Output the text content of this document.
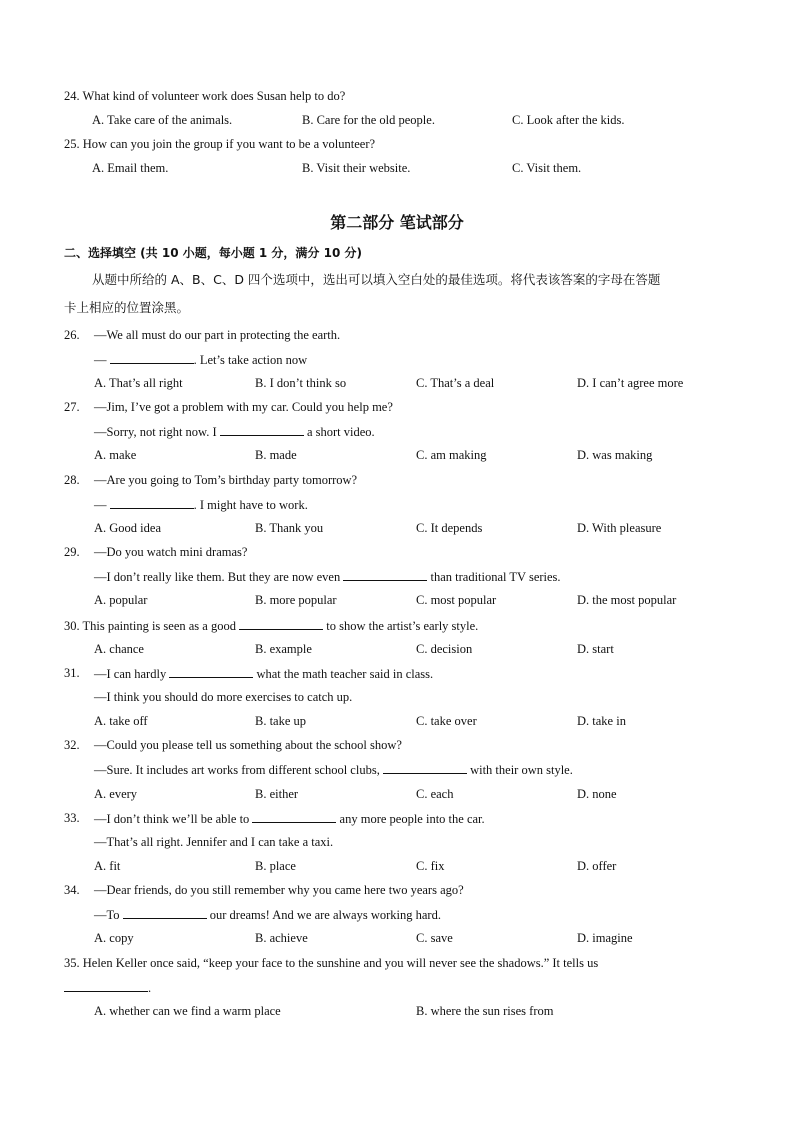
24. What kind of volunteer work does Susan help to do?
A. Take care of the animals.	B. Care for the old people.	C. Look after the kids.
25. How can you join the group if you want to be a volunteer?
A. Email them.	B. Visit their website.	C. Visit them.
第二部分 笔试部分
二、选择填空 (共 10 小题，每小题 1 分，满分 10 分)
从题中所给的 A、B、C、D 四个选项中，选出可以填入空白处的最佳选项。将代表该答案的字母在答题
卡上相应的位置涂黑。
26. —We all must do our part in protecting the earth.
—	. Let’s take action now
A. That’s all right	B. I don’t think so	C. That’s a deal	D. I can’t agree more
27. —Jim, I’ve got a problem with my car. Could you help me?
—Sorry, not right now. I	a short video.
A. make	B. made	C. am making	D. was making
28. —Are you going to Tom’s birthday party tomorrow?
—	. I might have to work.
A. Good idea	B. Thank you	C. It depends	D. With pleasure
29. —Do you watch mini dramas?
—I don’t really like them. But they are now even	than traditional TV series.
A. popular	B. more popular	C. most popular	D. the most popular
30. This painting is seen as a good	to show the artist’s early style.
A. chance	B. example	C. decision	D. start
31. —I can hardly	what the math teacher said in class.
—I think you should do more exercises to catch up.
A. take off	B. take up	C. take over	D. take in
32. —Could you please tell us something about the school show?
—Sure. It includes art works from different school clubs,	with their own style.
A. every	B. either	C. each	D. none
33. —I don’t think we’ll be able to	any more people into the car.
—That’s all right. Jennifer and I can take a taxi.
A. fit	B. place	C. fix	D. offer
34. —Dear friends, do you still remember why you came here two years ago?
—To	our dreams! And we are always working hard.
A. copy	B. achieve	C. save	D. imagine
35. Helen Keller once said, “keep your face to the sunshine and you will never see the shadows.” It tells us
.
A. whether can we find a warm place	B. where the sun rises from
